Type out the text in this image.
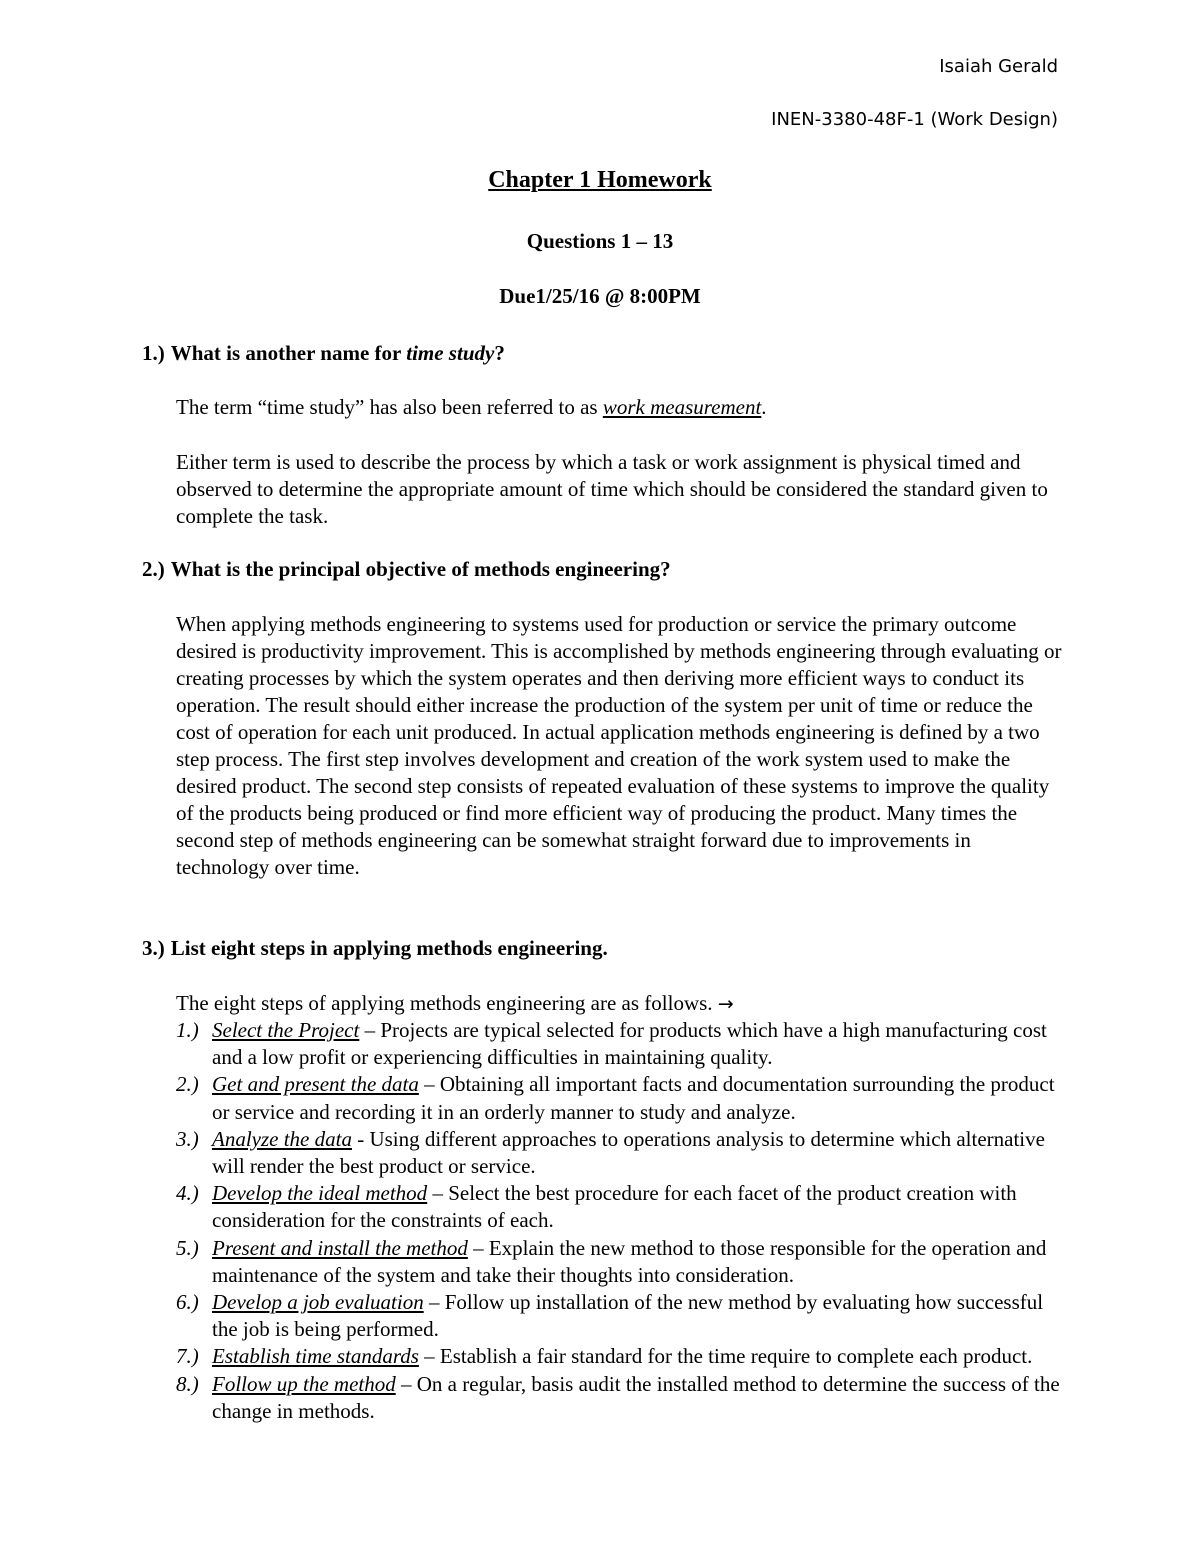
Isaiah Gerald
INEN-3380-48F-1 (Work Design)
Chapter 1 Homework
Questions 1 – 13
Due1/25/16 @ 8:00PM
1.) What is another name for time study?
The term “time study” has also been referred to as work measurement.
Either term is used to describe the process by which a task or work assignment is physical timed and observed to determine the appropriate amount of time which should be considered the standard given to complete the task.
2.) What is the principal objective of methods engineering?
When applying methods engineering to systems used for production or service the primary outcome desired is productivity improvement. This is accomplished by methods engineering through evaluating or creating processes by which the system operates and then deriving more efficient ways to conduct its operation. The result should either increase the production of the system per unit of time or reduce the cost of operation for each unit produced. In actual application methods engineering is defined by a two step process. The first step involves development and creation of the work system used to make the desired product. The second step consists of repeated evaluation of these systems to improve the quality of the products being produced or find more efficient way of producing the product. Many times the second step of methods engineering can be somewhat straight forward due to improvements in technology over time.
3.) List eight steps in applying methods engineering.
The eight steps of applying methods engineering are as follows. →
1.) Select the Project – Projects are typical selected for products which have a high manufacturing cost and a low profit or experiencing difficulties in maintaining quality.
2.) Get and present the data – Obtaining all important facts and documentation surrounding the product or service and recording it in an orderly manner to study and analyze.
3.) Analyze the data - Using different approaches to operations analysis to determine which alternative will render the best product or service.
4.) Develop the ideal method – Select the best procedure for each facet of the product creation with consideration for the constraints of each.
5.) Present and install the method – Explain the new method to those responsible for the operation and maintenance of the system and take their thoughts into consideration.
6.) Develop a job evaluation – Follow up installation of the new method by evaluating how successful the job is being performed.
7.) Establish time standards – Establish a fair standard for the time require to complete each product.
8.) Follow up the method – On a regular, basis audit the installed method to determine the success of the change in methods.
